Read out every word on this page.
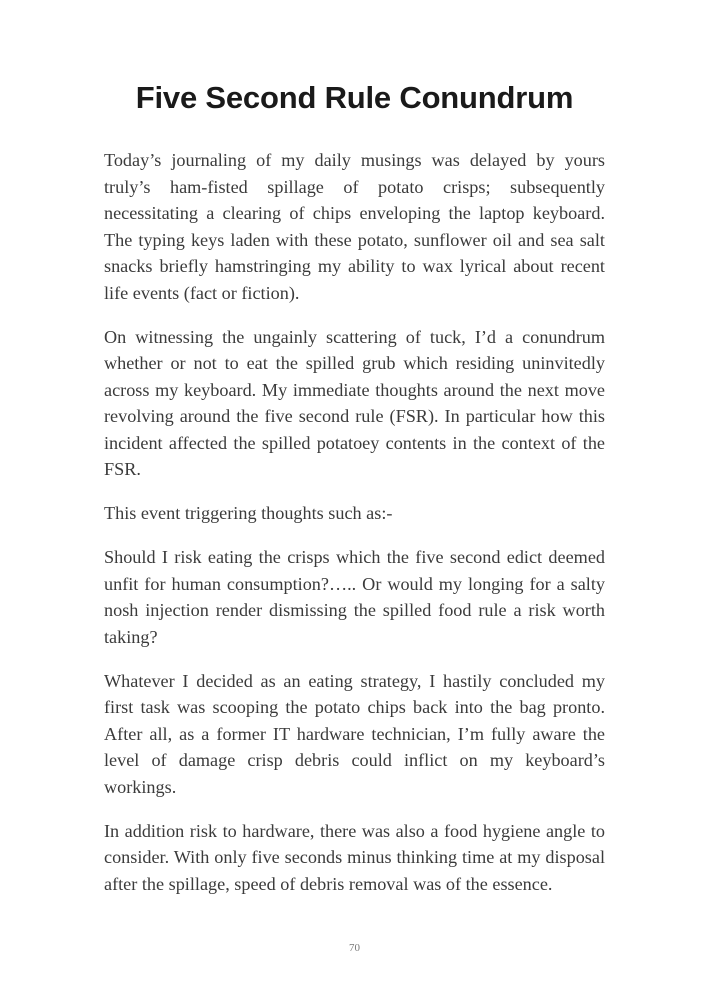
Five Second Rule Conundrum

Today’s journaling of my daily musings was delayed by yours truly’s ham-fisted spillage of potato crisps; subsequently necessitating a clearing of chips enveloping the laptop keyboard. The typing keys laden with these potato, sunflower oil and sea salt snacks briefly hamstringing my ability to wax lyrical about recent life events (fact or fiction).

On witnessing the ungainly scattering of tuck, I’d a conundrum whether or not to eat the spilled grub which residing uninvitedly across my keyboard. My immediate thoughts around the next move revolving around the five second rule (FSR). In particular how this incident affected the spilled potatoey contents in the context of the FSR.

This event triggering thoughts such as:-

Should I risk eating the crisps which the five second edict deemed unfit for human consumption?….. Or would my longing for a salty nosh injection render dismissing the spilled food rule a risk worth taking?

Whatever I decided as an eating strategy, I hastily concluded my first task was scooping the potato chips back into the bag pronto. After all, as a former IT hardware technician, I’m fully aware the level of damage crisp debris could inflict on my keyboard’s workings.

In addition risk to hardware, there was also a food hygiene angle to consider. With only five seconds minus thinking time at my disposal after the spillage, speed of debris removal was of the essence.

70
